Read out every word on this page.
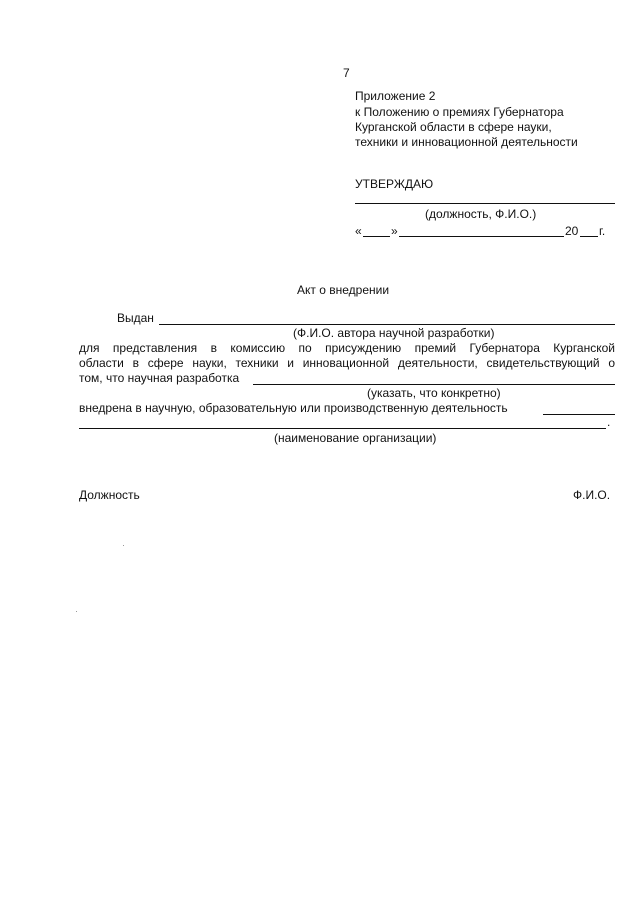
7
Приложение 2
к Положению о премиях Губернатора
Курганской области в сфере науки,
техники и инновационной деятельности
УТВЕРЖДАЮ
(должность, Ф.И.О.)
« »	20 г.
Акт о внедрении
Выдан
(Ф.И.О. автора научной разработки)
для представления в комиссию по присуждению премий Губернатора Курганской
области в сфере науки, техники и инновационной деятельности, свидетельствующий о
том, что научная разработка
(указать, что конкретно)
внедрена в научную, образовательную или производственную деятельность
.
(наименование организации)
Должность	Ф.И.О.
